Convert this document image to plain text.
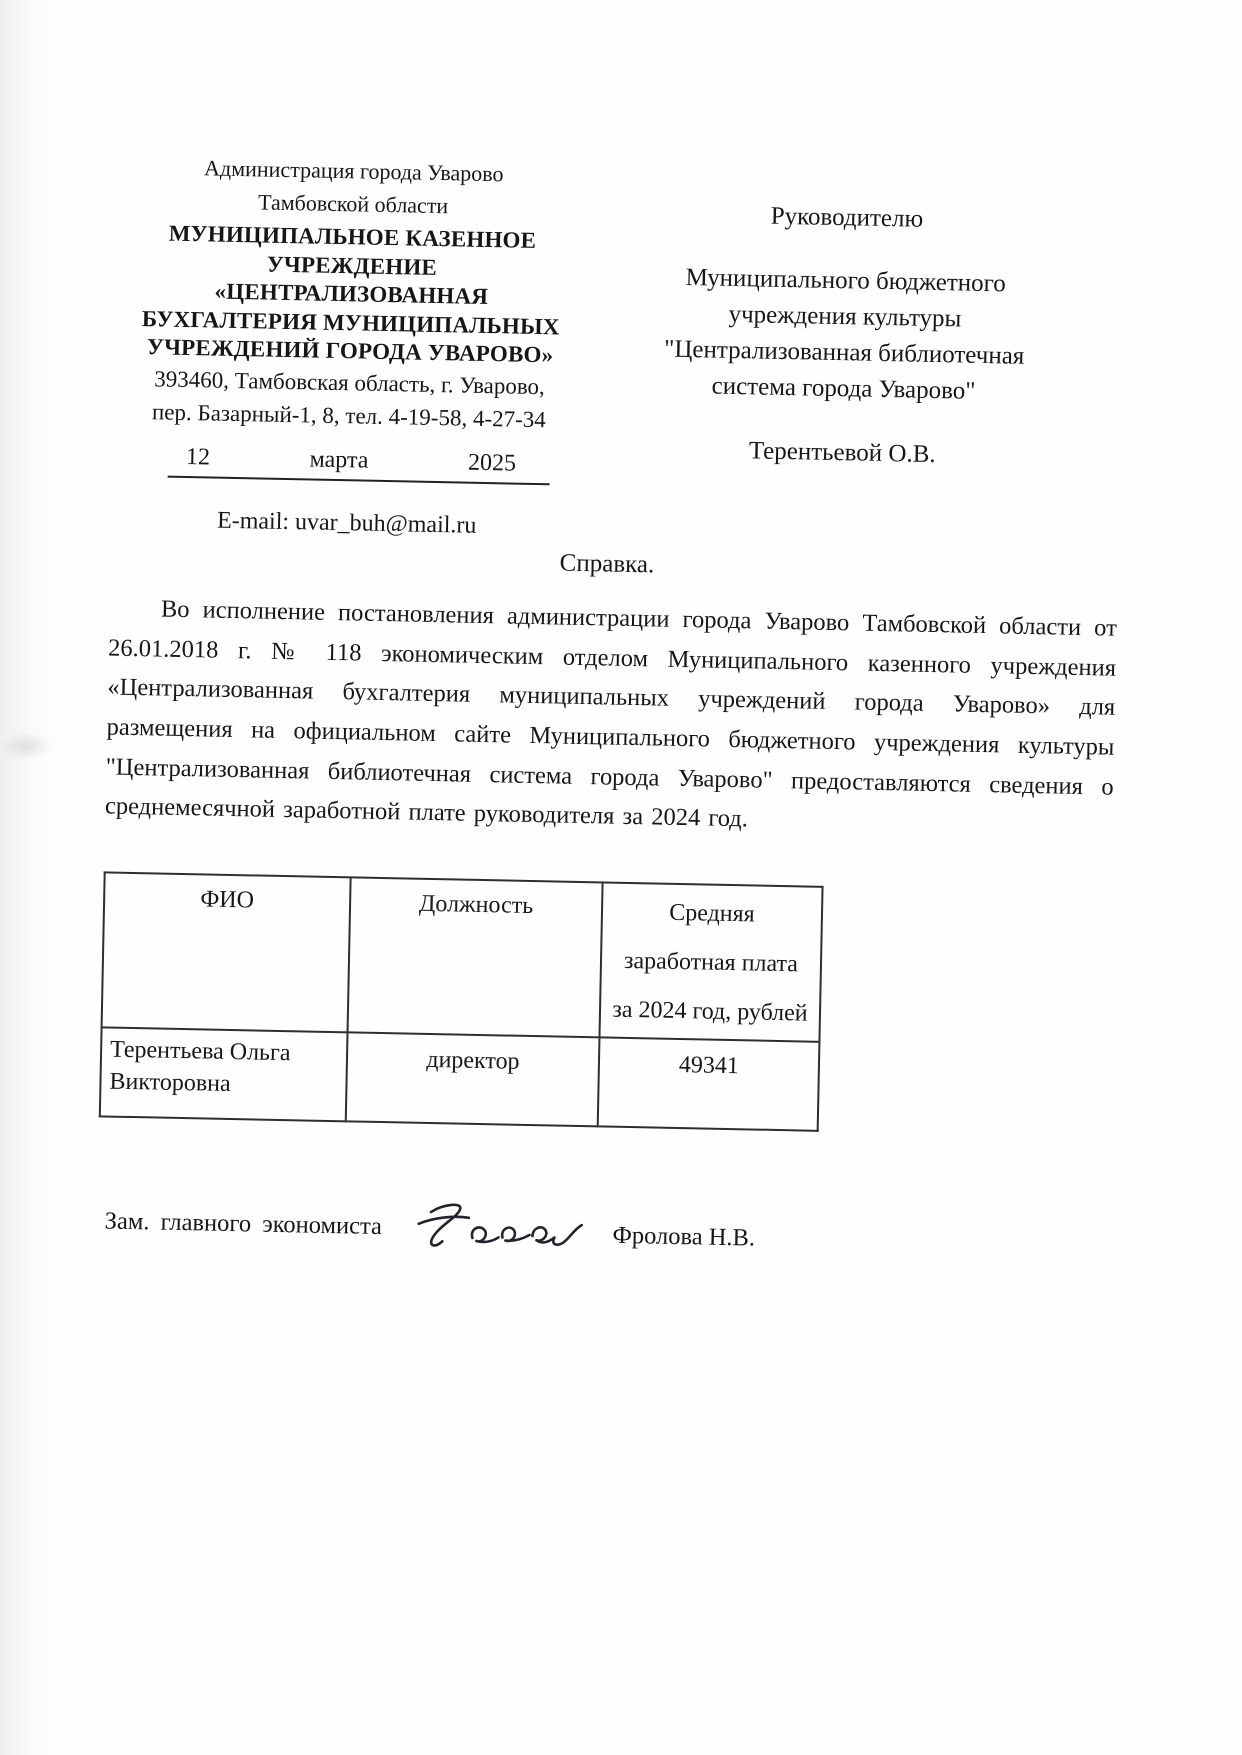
Администрация города Уварово
Тамбовской области
МУНИЦИПАЛЬНОЕ КАЗЕННОЕ УЧРЕЖДЕНИЕ «ЦЕНТРАЛИЗОВАННАЯ БУХГАЛТЕРИЯ МУНИЦИПАЛЬНЫХ УЧРЕЖДЕНИЙ ГОРОДА УВАРОВО»
393460, Тамбовская область, г. Уварово,
пер. Базарный-1, 8, тел. 4-19-58, 4-27-34
12	марта	2025
E-mail: uvar_buh@mail.ru
Руководителю
Муниципального бюджетного учреждения культуры "Централизованная библиотечная система города Уварово"
Терентьевой О.В.
Справка.

Во исполнение постановления администрации города Уварово Тамбовской области от 26.01.2018 г. № 118 экономическим отделом Муниципального казенного учреждения «Централизованная бухгалтерия муниципальных учреждений города Уварово» для размещения на официальном сайте Муниципального бюджетного учреждения культуры "Централизованная библиотечная система города Уварово" предоставляются сведения о среднемесячной заработной плате руководителя за 2024 год.

ФИО	Должность	Средняя заработная плата за 2024 год, рублей
Терентьева Ольга Викторовна	директор	49341
Зам. главного экономиста	Фролова Н.В.
